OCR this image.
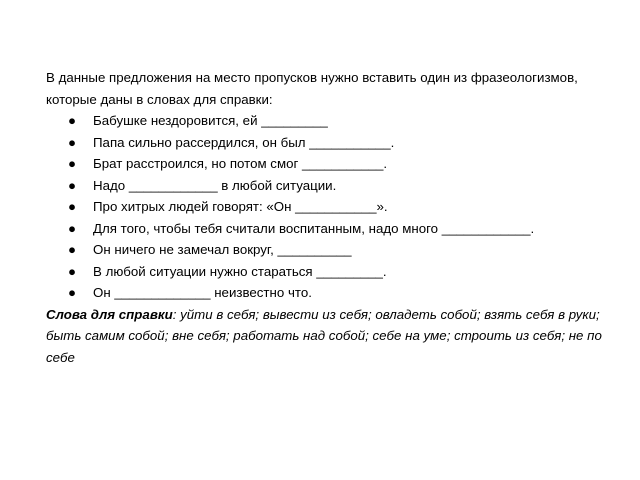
В данные предложения на место пропусков нужно вставить один из фразеологизмов, которые даны в словах для справки:

● Бабушке нездоровится, ей _________
● Папа сильно рассердился, он был ___________.
● Брат расстроился, но потом смог ___________.
● Надо ____________ в любой ситуации.
● Про хитрых людей говорят: «Он ___________».
● Для того, чтобы тебя считали воспитанным, надо много ____________.
● Он ничего не замечал вокруг, __________
● В любой ситуации нужно стараться _________.
● Он _____________ неизвестно что.

Слова для справки: уйти в себя; вывести из себя; овладеть собой; взять себя в руки; быть самим собой; вне себя; работать над собой; себе на уме; строить из себя; не по себе
